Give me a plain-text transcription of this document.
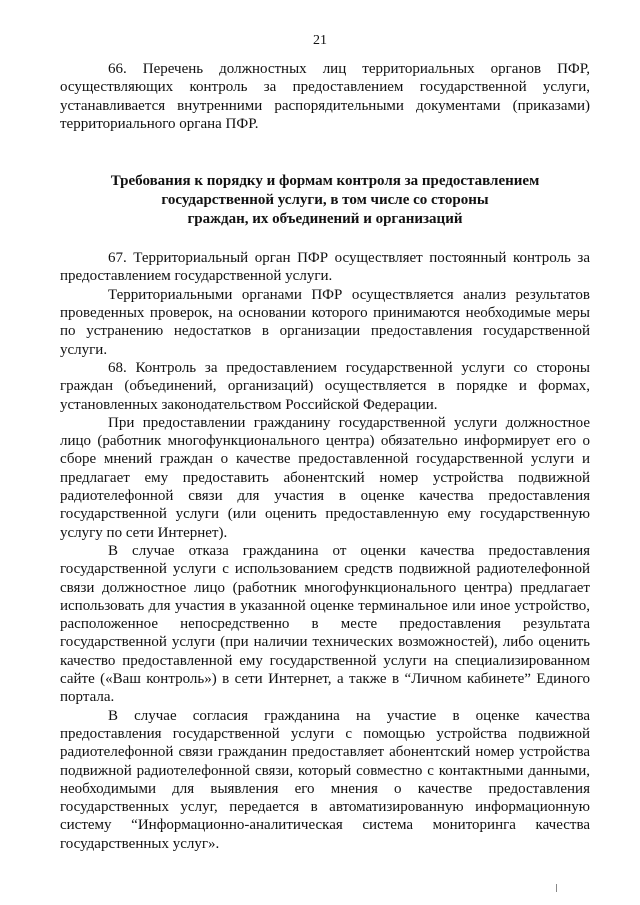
21

66. Перечень должностных лиц территориальных органов ПФР, осуществляющих контроль за предоставлением государственной услуги, устанавливается внутренними распорядительными документами (приказами) территориального органа ПФР.

Требования к порядку и формам контроля за предоставлением
государственной услуги, в том числе со стороны
граждан, их объединений и организаций

67. Территориальный орган ПФР осуществляет постоянный контроль за предоставлением государственной услуги.

Территориальными органами ПФР осуществляется анализ результатов проведенных проверок, на основании которого принимаются необходимые меры по устранению недостатков в организации предоставления государственной услуги.

68. Контроль за предоставлением государственной услуги со стороны граждан (объединений, организаций) осуществляется в порядке и формах, установленных законодательством Российской Федерации.

При предоставлении гражданину государственной услуги должностное лицо (работник многофункционального центра) обязательно информирует его о сборе мнений граждан о качестве предоставленной государственной услуги и предлагает ему предоставить абонентский номер устройства подвижной радиотелефонной связи для участия в оценке качества предоставления государственной услуги (или оценить предоставленную ему государственную услугу по сети Интернет).

В случае отказа гражданина от оценки качества предоставления государственной услуги с использованием средств подвижной радиотелефонной связи должностное лицо (работник многофункционального центра) предлагает использовать для участия в указанной оценке терминальное или иное устройство, расположенное непосредственно в месте предоставления результата государственной услуги (при наличии технических возможностей), либо оценить качество предоставленной ему государственной услуги на специализированном сайте («Ваш контроль») в сети Интернет, а также в “Личном кабинете” Единого портала.

В случае согласия гражданина на участие в оценке качества предоставления государственной услуги с помощью устройства подвижной радиотелефонной связи гражданин предоставляет абонентский номер устройства подвижной радиотелефонной связи, который совместно с контактными данными, необходимыми для выявления его мнения о качестве предоставления государственных услуг, передается в автоматизированную информационную систему “Информационно-аналитическая система мониторинга качества государственных услуг».
